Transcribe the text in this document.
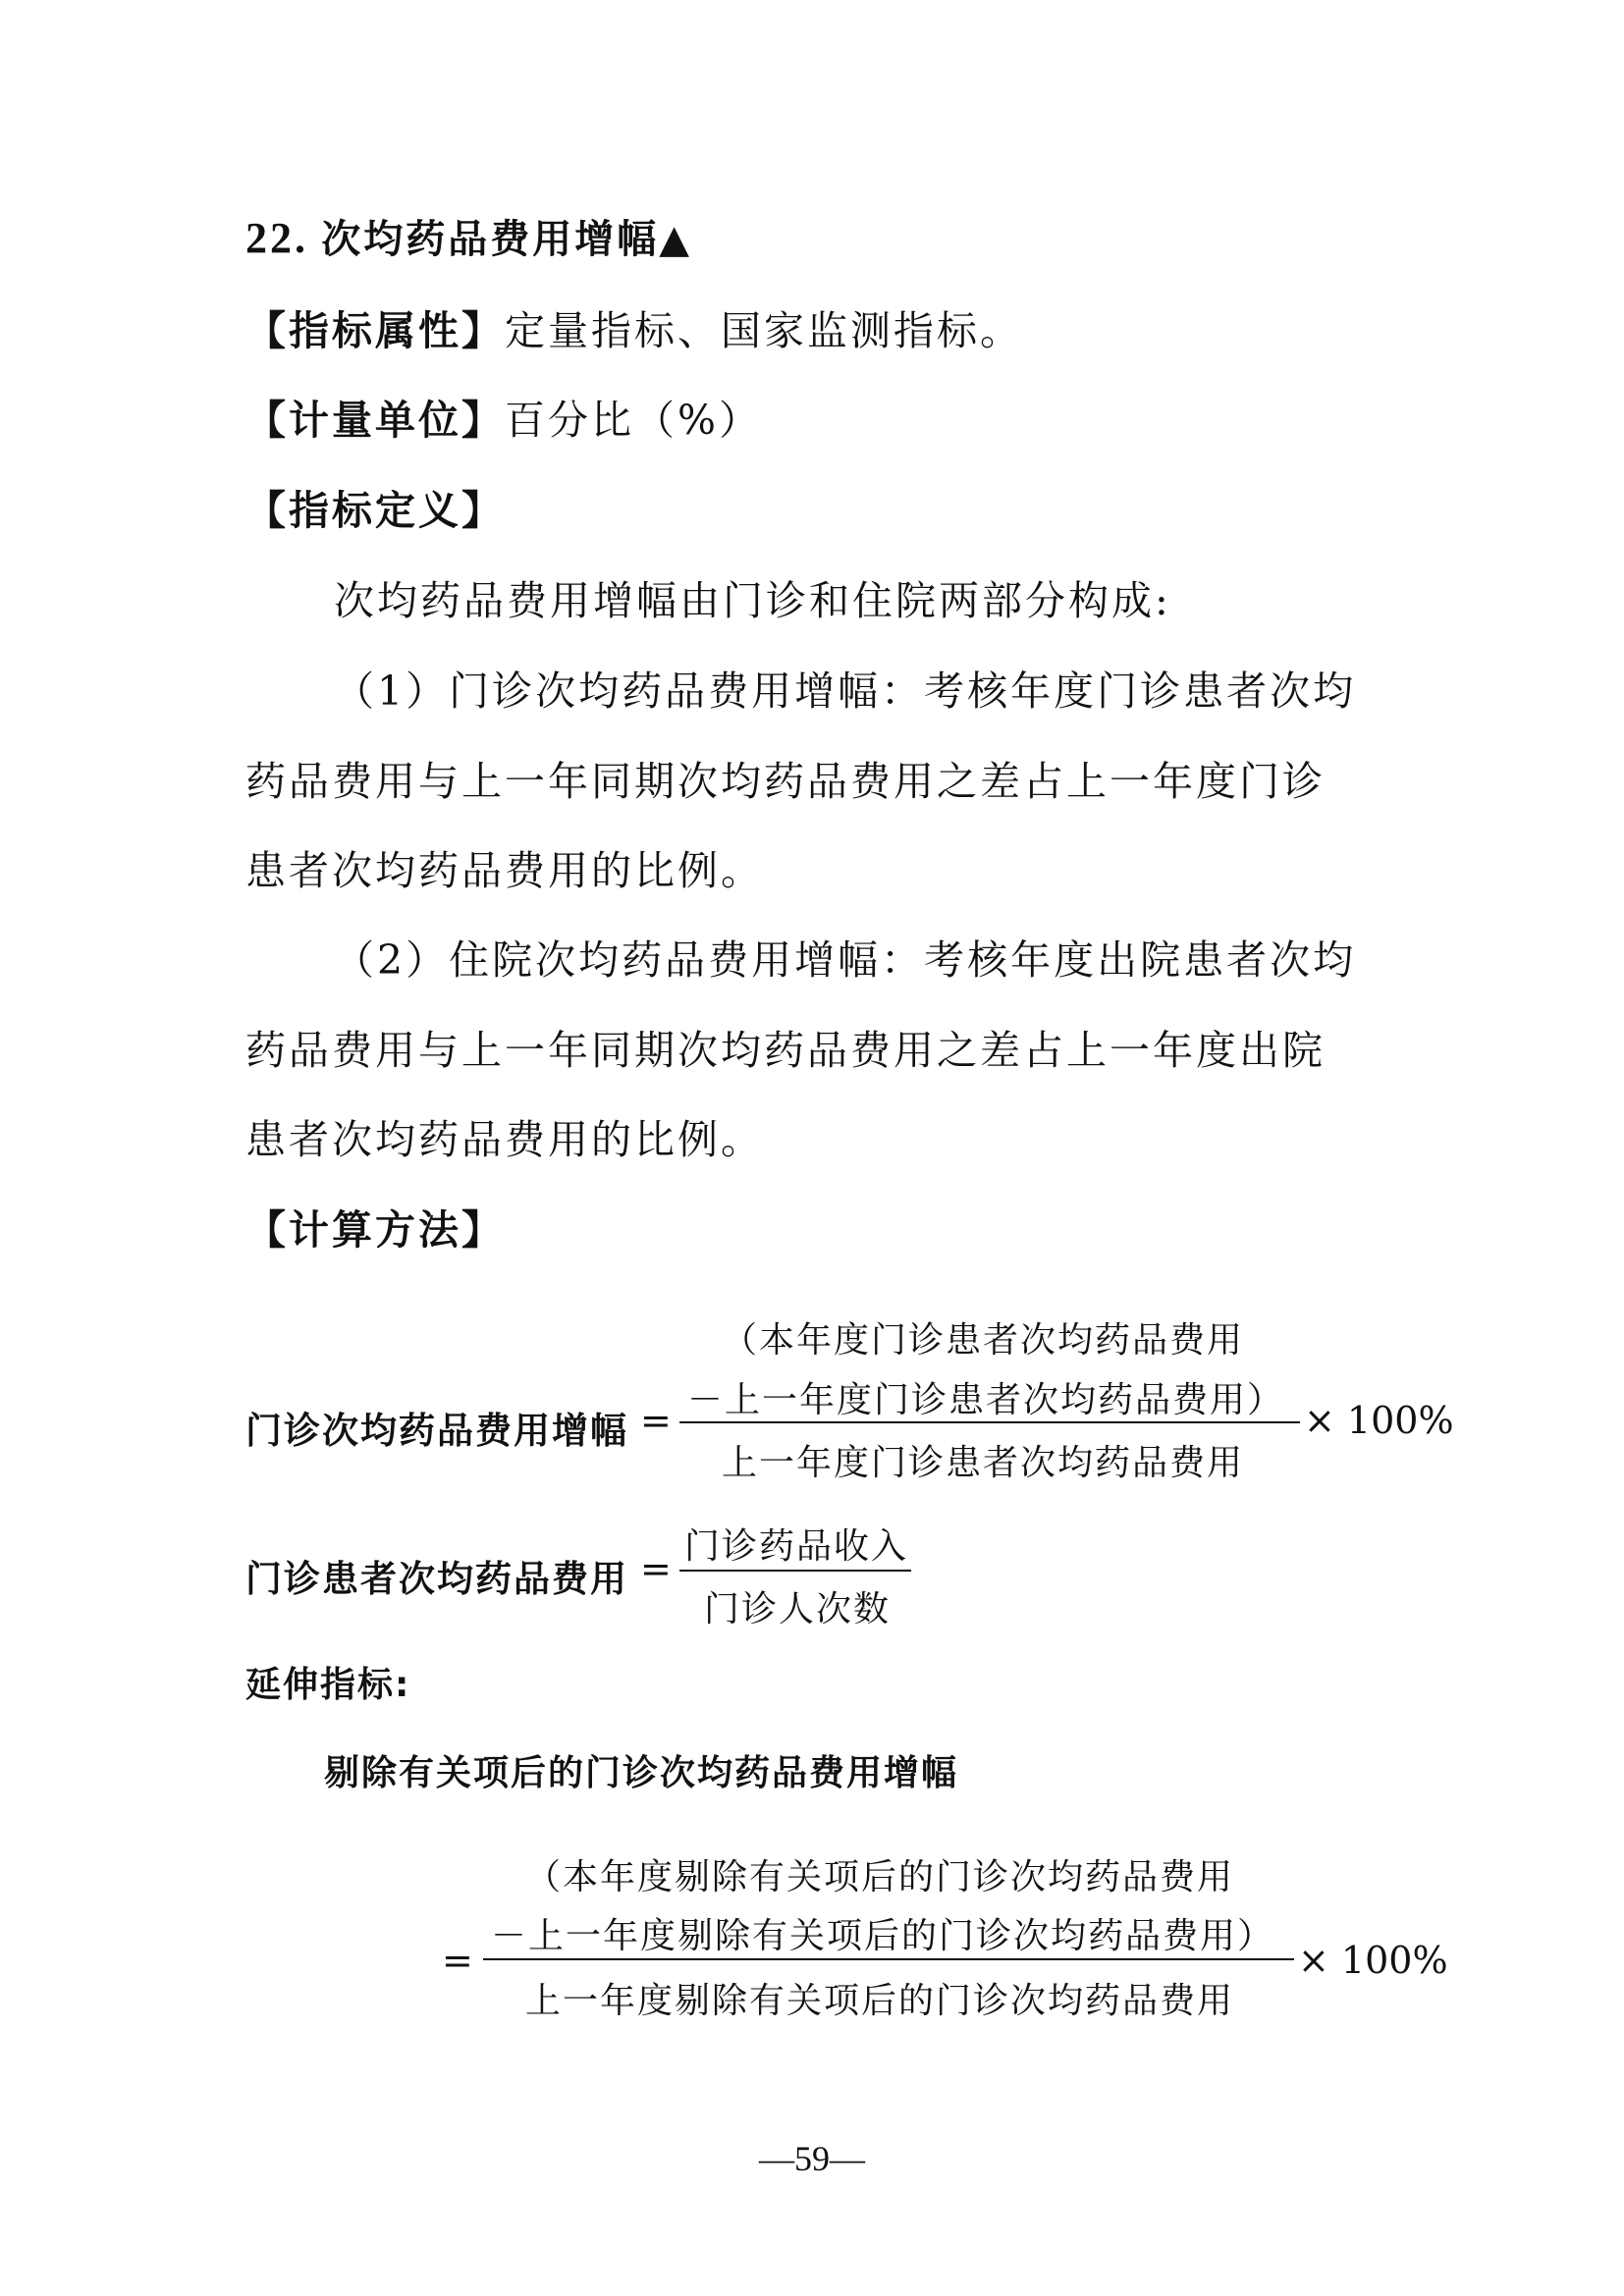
22. 次均药品费用增幅▲
【指标属性】定量指标、国家监测指标。
【计量单位】百分比（%）
【指标定义】
次均药品费用增幅由门诊和住院两部分构成:
（1）门诊次均药品费用增幅：考核年度门诊患者次均
药品费用与上一年同期次均药品费用之差占上一年度门诊
患者次均药品费用的比例。
（2）住院次均药品费用增幅：考核年度出院患者次均
药品费用与上一年同期次均药品费用之差占上一年度出院
患者次均药品费用的比例。
【计算方法】
门诊次均药品费用增幅 =
（本年度门诊患者次均药品费用
－上一年度门诊患者次均药品费用）
上一年度门诊患者次均药品费用
× 100%
门诊患者次均药品费用 =
门诊药品收入
门诊人次数
延伸指标:
剔除有关项后的门诊次均药品费用增幅
=
（本年度剔除有关项后的门诊次均药品费用
－上一年度剔除有关项后的门诊次均药品费用）
上一年度剔除有关项后的门诊次均药品费用
× 100%
—59—
